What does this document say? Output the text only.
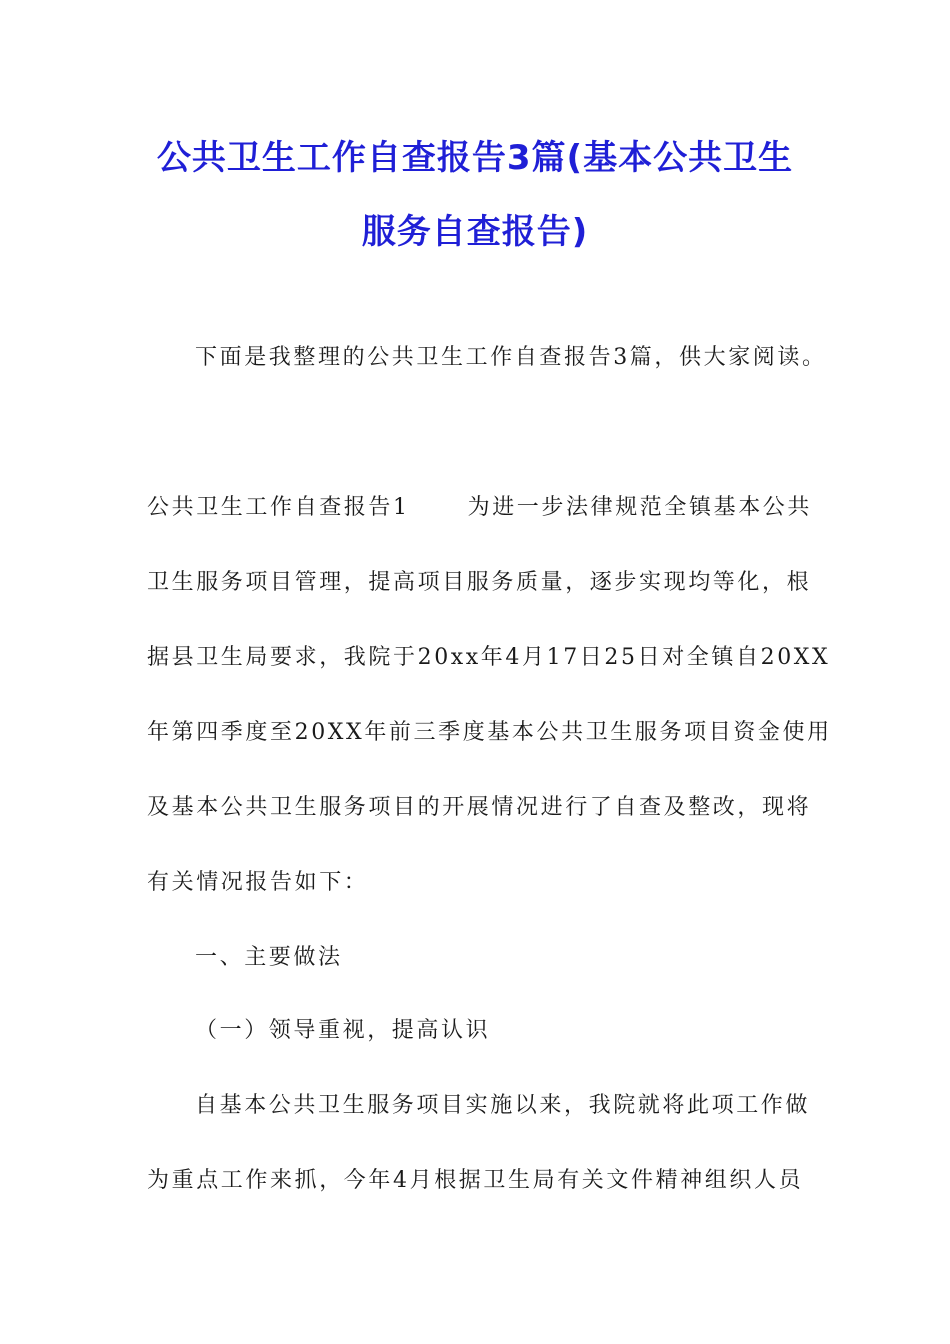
公共卫生工作自查报告3篇(基本公共卫生
服务自查报告)
下面是我整理的公共卫生工作自查报告3篇，供大家阅读。
公共卫生工作自查报告1	为进一步法律规范全镇基本公共
卫生服务项目管理，提高项目服务质量，逐步实现均等化，根
据县卫生局要求，我院于20xx年4月17日25日对全镇自20XX
年第四季度至20XX年前三季度基本公共卫生服务项目资金使用
及基本公共卫生服务项目的开展情况进行了自查及整改，现将
有关情况报告如下：
一、主要做法
（一）领导重视，提高认识
自基本公共卫生服务项目实施以来，我院就将此项工作做
为重点工作来抓，今年4月根据卫生局有关文件精神组织人员
